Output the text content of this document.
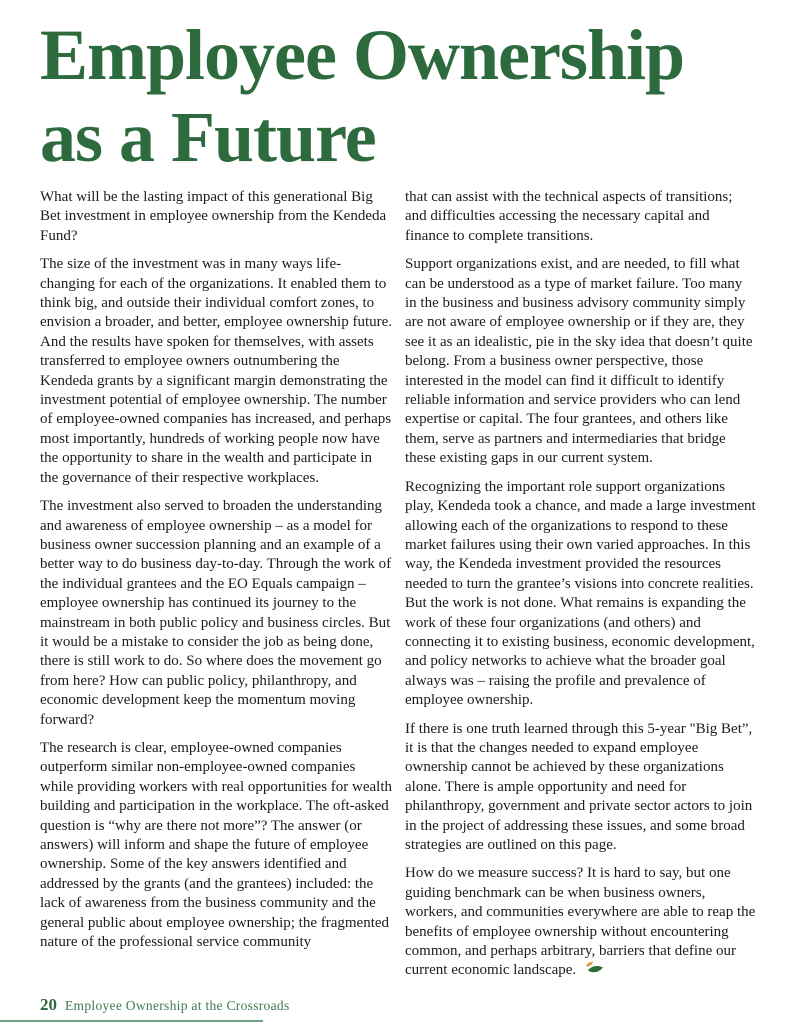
Employee Ownership
as a Future

What will be the lasting impact of this generational Big Bet investment in employee ownership from the Kendeda Fund?

The size of the investment was in many ways life-changing for each of the organizations. It enabled them to think big, and outside their individual comfort zones, to envision a broader, and better, employee ownership future. And the results have spoken for themselves, with assets transferred to employee owners outnumbering the Kendeda grants by a significant margin demonstrating the investment potential of employee ownership. The number of employee-owned companies has increased, and perhaps most importantly, hundreds of working people now have the opportunity to share in the wealth and participate in the governance of their respective workplaces.

The investment also served to broaden the understanding and awareness of employee ownership – as a model for business owner succession planning and an example of a better way to do business day-to-day. Through the work of the individual grantees and the EO Equals campaign – employee ownership has continued its journey to the mainstream in both public policy and business circles. But it would be a mistake to consider the job as being done, there is still work to do. So where does the movement go from here? How can public policy, philanthropy, and economic development keep the momentum moving forward?

The research is clear, employee-owned companies outperform similar non-employee-owned companies while providing workers with real opportunities for wealth building and participation in the workplace. The oft-asked question is “why are there not more”? The answer (or answers) will inform and shape the future of employee ownership. Some of the key answers identified and addressed by the grants (and the grantees) included: the lack of awareness from the business community and the general public about employee ownership; the fragmented nature of the professional service community

that can assist with the technical aspects of transitions; and difficulties accessing the necessary capital and finance to complete transitions.

Support organizations exist, and are needed, to fill what can be understood as a type of market failure. Too many in the business and business advisory community simply are not aware of employee ownership or if they are, they see it as an idealistic, pie in the sky idea that doesn’t quite belong. From a business owner perspective, those interested in the model can find it difficult to identify reliable information and service providers who can lend expertise or capital. The four grantees, and others like them, serve as partners and intermediaries that bridge these existing gaps in our current system.

Recognizing the important role support organizations play, Kendeda took a chance, and made a large investment allowing each of the organizations to respond to these market failures using their own varied approaches. In this way, the Kendeda investment provided the resources needed to turn the grantee’s visions into concrete realities. But the work is not done. What remains is expanding the work of these four organizations (and others) and connecting it to existing business, economic development, and policy networks to achieve what the broader goal always was – raising the profile and prevalence of employee ownership.

If there is one truth learned through this 5-year "Big Bet”, it is that the changes needed to expand employee ownership cannot be achieved by these organizations alone. There is ample opportunity and need for philanthropy, government and private sector actors to join in the project of addressing these issues, and some broad strategies are outlined on this page.

How do we measure success? It is hard to say, but one guiding benchmark can be when business owners, workers, and communities everywhere are able to reap the benefits of employee ownership without encountering common, and perhaps arbitrary, barriers that define our current economic landscape.

20 Employee Ownership at the Crossroads
